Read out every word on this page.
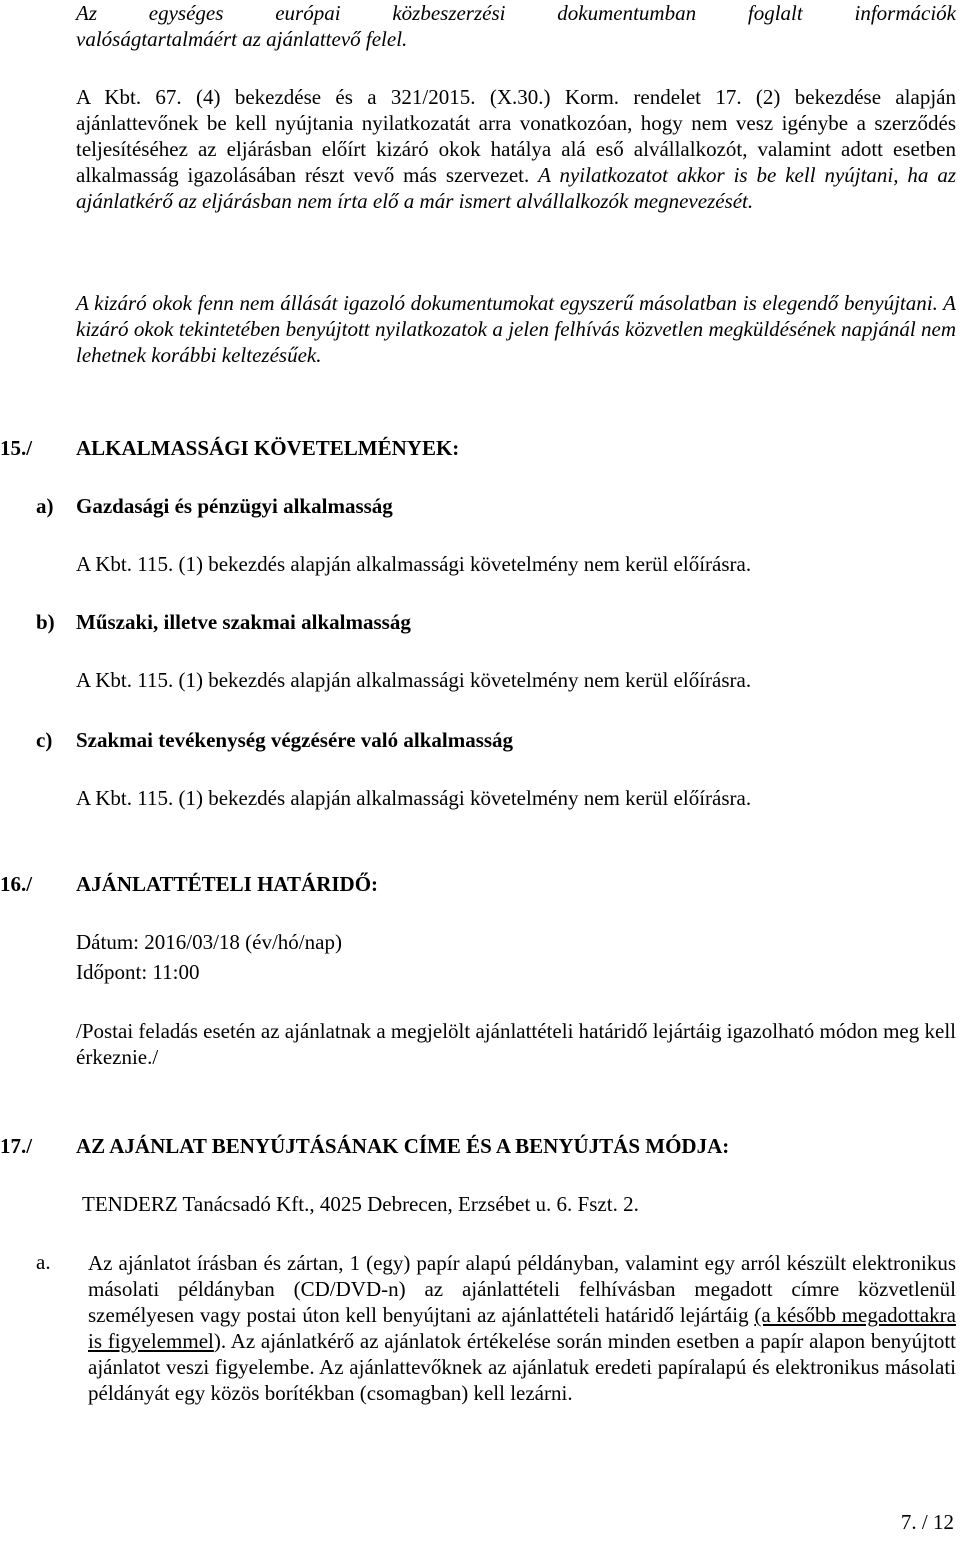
Az egységes európai közbeszerzési dokumentumban foglalt információk

valóságtartalmáért az ajánlattevő felel.

A Kbt. 67. (4) bekezdése és a 321/2015. (X.30.) Korm. rendelet 17. (2) bekezdése alapján ajánlattevőnek be kell nyújtania nyilatkozatát arra vonatkozóan, hogy nem vesz igénybe a szerződés teljesítéséhez az eljárásban előírt kizáró okok hatálya alá eső alvállalkozót, valamint adott esetben alkalmasság igazolásában részt vevő más szervezet. A nyilatkozatot akkor is be kell nyújtani, ha az ajánlatkérő az eljárásban nem írta elő a már ismert alvállalkozók megnevezését.

A kizáró okok fenn nem állását igazoló dokumentumokat egyszerű másolatban is elegendő benyújtani. A kizáró okok tekintetében benyújtott nyilatkozatok a jelen felhívás közvetlen megküldésének napjánál nem lehetnek korábbi keltezésűek.

15./	ALKALMASSÁGI KÖVETELMÉNYEK:
a) Gazdasági és pénzügyi alkalmasság
A Kbt. 115. (1) bekezdés alapján alkalmassági követelmény nem kerül előírásra.
b) Műszaki, illetve szakmai alkalmasság
A Kbt. 115. (1) bekezdés alapján alkalmassági követelmény nem kerül előírásra.
c) Szakmai tevékenység végzésére való alkalmasság
A Kbt. 115. (1) bekezdés alapján alkalmassági követelmény nem kerül előírásra.
16./	AJÁNLATTÉTELI HATÁRIDŐ:
Dátum: 2016/03/18 (év/hó/nap)
Időpont: 11:00

/Postai feladás esetén az ajánlatnak a megjelölt ajánlattételi határidő lejártáig igazolható módon meg kell érkeznie./

17./	AZ AJÁNLAT BENYÚJTÁSÁNAK CÍME ÉS A BENYÚJTÁS MÓDJA:
TENDERZ Tanácsadó Kft., 4025 Debrecen, Erzsébet u. 6. Fszt. 2.
a. Az ajánlatot írásban és zártan, 1 (egy) papír alapú példányban, valamint egy arról készült elektronikus másolati példányban (CD/DVD-n) az ajánlattételi felhívásban megadott címre közvetlenül személyesen vagy postai úton kell benyújtani az ajánlattételi határidő lejártáig (a később megadottakra is figyelemmel). Az ajánlatkérő az ajánlatok értékelése során minden esetben a papír alapon benyújtott ajánlatot veszi figyelembe. Az ajánlattevőknek az ajánlatuk eredeti papíralapú és elektronikus másolati példányát egy közös borítékban (csomagban) kell lezárni.

7. / 12
